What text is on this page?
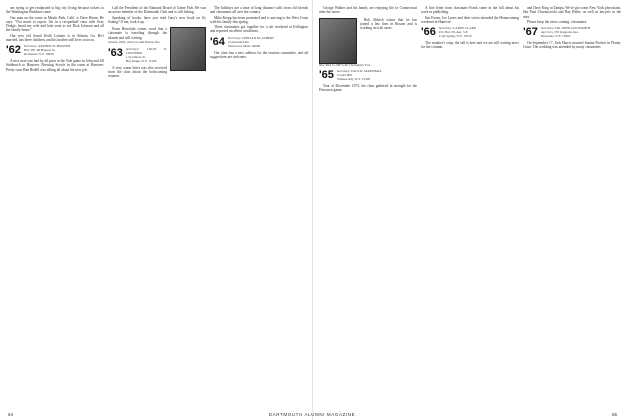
are trying to get readjusted to big city living because tickets to the Washington Redskins came.

Our man on the scene in Menlo Park, Calif. is Dave Hearn. He says: "Not much to report. I'm in a racquetball class with Gray Dodge; heard my wife and kids went to see Dick Johnson and all the family home."

Our very old friend Keith Latimer is in Atlanta, Ga. He's married, has three children, and his brother still lives in town.

'62 Secretary: ARTHUR W. HOOVER
Box 397, 60 Hanson St.
Rochester, N.Y. 10950

A nice note was had by all prior to the Yale game as John and Jill Siebbruch to Hanover. Brewing Scotch in the room at Hanover. Pretty soon Ben Bedell was telling all about his new job.

Call the President of the National Board of Game Fish. He was an active member of the Dartmouth Club and is still fishing.

Speaking of books, have you read Gary's new book on fly fishing? If not, look it up.

From Honolulu comes word that a classmate is traveling through the islands and still writing.

Sylvain, Ollie, where he and Sharon live.
'63 Secretary: LOUIS O. LOWTHER
1 Sycamore St.
Bay Ridge, N.Y. 11209

A very warm letter was also received from the class about the forthcoming reunion.

The holidays are a time of long distance calls from old friends and classmates all over the country.

Mike Krepp has been promoted and is moving to the West Coast with his family this spring.

Three classmates got together for a ski weekend at Killington and reported excellent conditions.

'64 Secretary: DONALD M. ALBERT
4 Cleveland Rd.
Westwood, Mass. 02090

Our class has a new address for the reunion committee, and all suggestions are welcome.

64

George Walker and his family are enjoying life in Connecticut after the move.

Bob Aldrich writes that he has joined a law firm in Boston and is working on trial cases.

New York in 1967 with Christopher Fox.
'65 Secretary: PAUL R. MARSHALL
5 Gold Hill
Schenectady, N.Y. 12309

Year of December 1973: the class gathered in strength for the Princeton game.

A fine letter from classmate Frank came in the fall about his work in publishing.

Jim Evans, Joe Lyons and their wives attended the Homecoming weekend in Hanover.

'66 Secretary: LARRY CLARK
P.O. Box 58, Apt. 3-E
Cold Spring, N.Y. 10516

The weather's crisp, the fall is here and we are still writing news for the column.

and Dave King in Tampa. We've got some New York physicians, like Paul Chrzanowski and Ray Rieke, as well as lawyers in the area.

Please keep the news coming, classmates.

'67 Secretary: DR. JOHN GOLDSMITH
Apt. 9-G, 555 Kappock Ave.
Riverdale, N.Y. 10463

On September 17, Jack Harris married Jeanne Fischer in Plaine, Conn. The wedding was attended by many classmates.

65
DARTMOUTH ALUMNI MAGAZINE
